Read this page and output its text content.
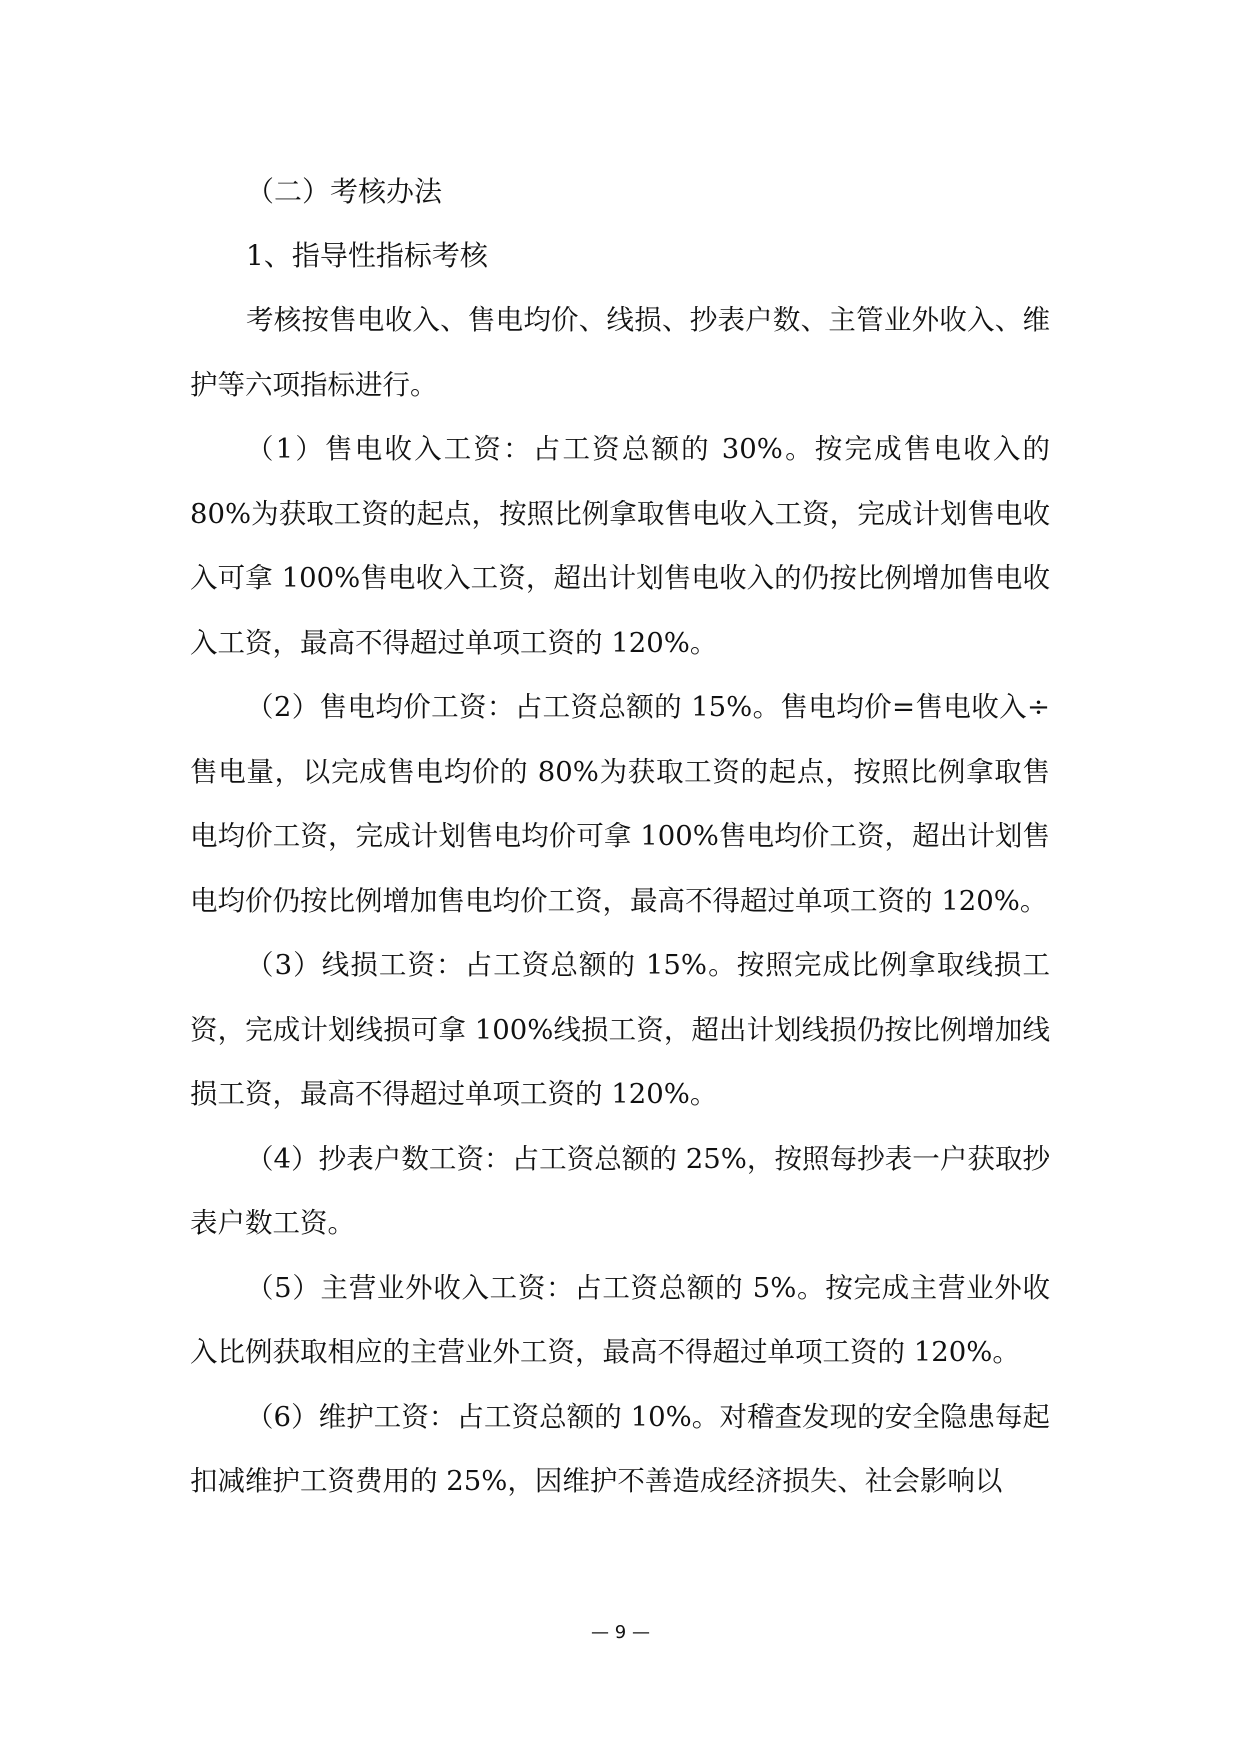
（二）考核办法
1、指导性指标考核

考核按售电收入、售电均价、线损、抄表户数、主管业外收入、维护等六项指标进行。

（1）售电收入工资：占工资总额的 30%。按完成售电收入的 80%为获取工资的起点，按照比例拿取售电收入工资，完成计划售电收入可拿 100%售电收入工资，超出计划售电收入的仍按比例增加售电收入工资，最高不得超过单项工资的 120%。

（2）售电均价工资：占工资总额的 15%。售电均价=售电收入÷售电量，以完成售电均价的 80%为获取工资的起点，按照比例拿取售电均价工资，完成计划售电均价可拿 100%售电均价工资，超出计划售电均价仍按比例增加售电均价工资，最高不得超过单项工资的 120%。

（3）线损工资：占工资总额的 15%。按照完成比例拿取线损工资，完成计划线损可拿 100%线损工资，超出计划线损仍按比例增加线损工资，最高不得超过单项工资的 120%。

（4）抄表户数工资：占工资总额的 25%，按照每抄表一户获取抄表户数工资。

（5）主营业外收入工资：占工资总额的 5%。按完成主营业外收入比例获取相应的主营业外工资，最高不得超过单项工资的 120%。

（6）维护工资：占工资总额的 10%。对稽查发现的安全隐患每起扣减维护工资费用的 25%，因维护不善造成经济损失、社会影响以

— 9 —
